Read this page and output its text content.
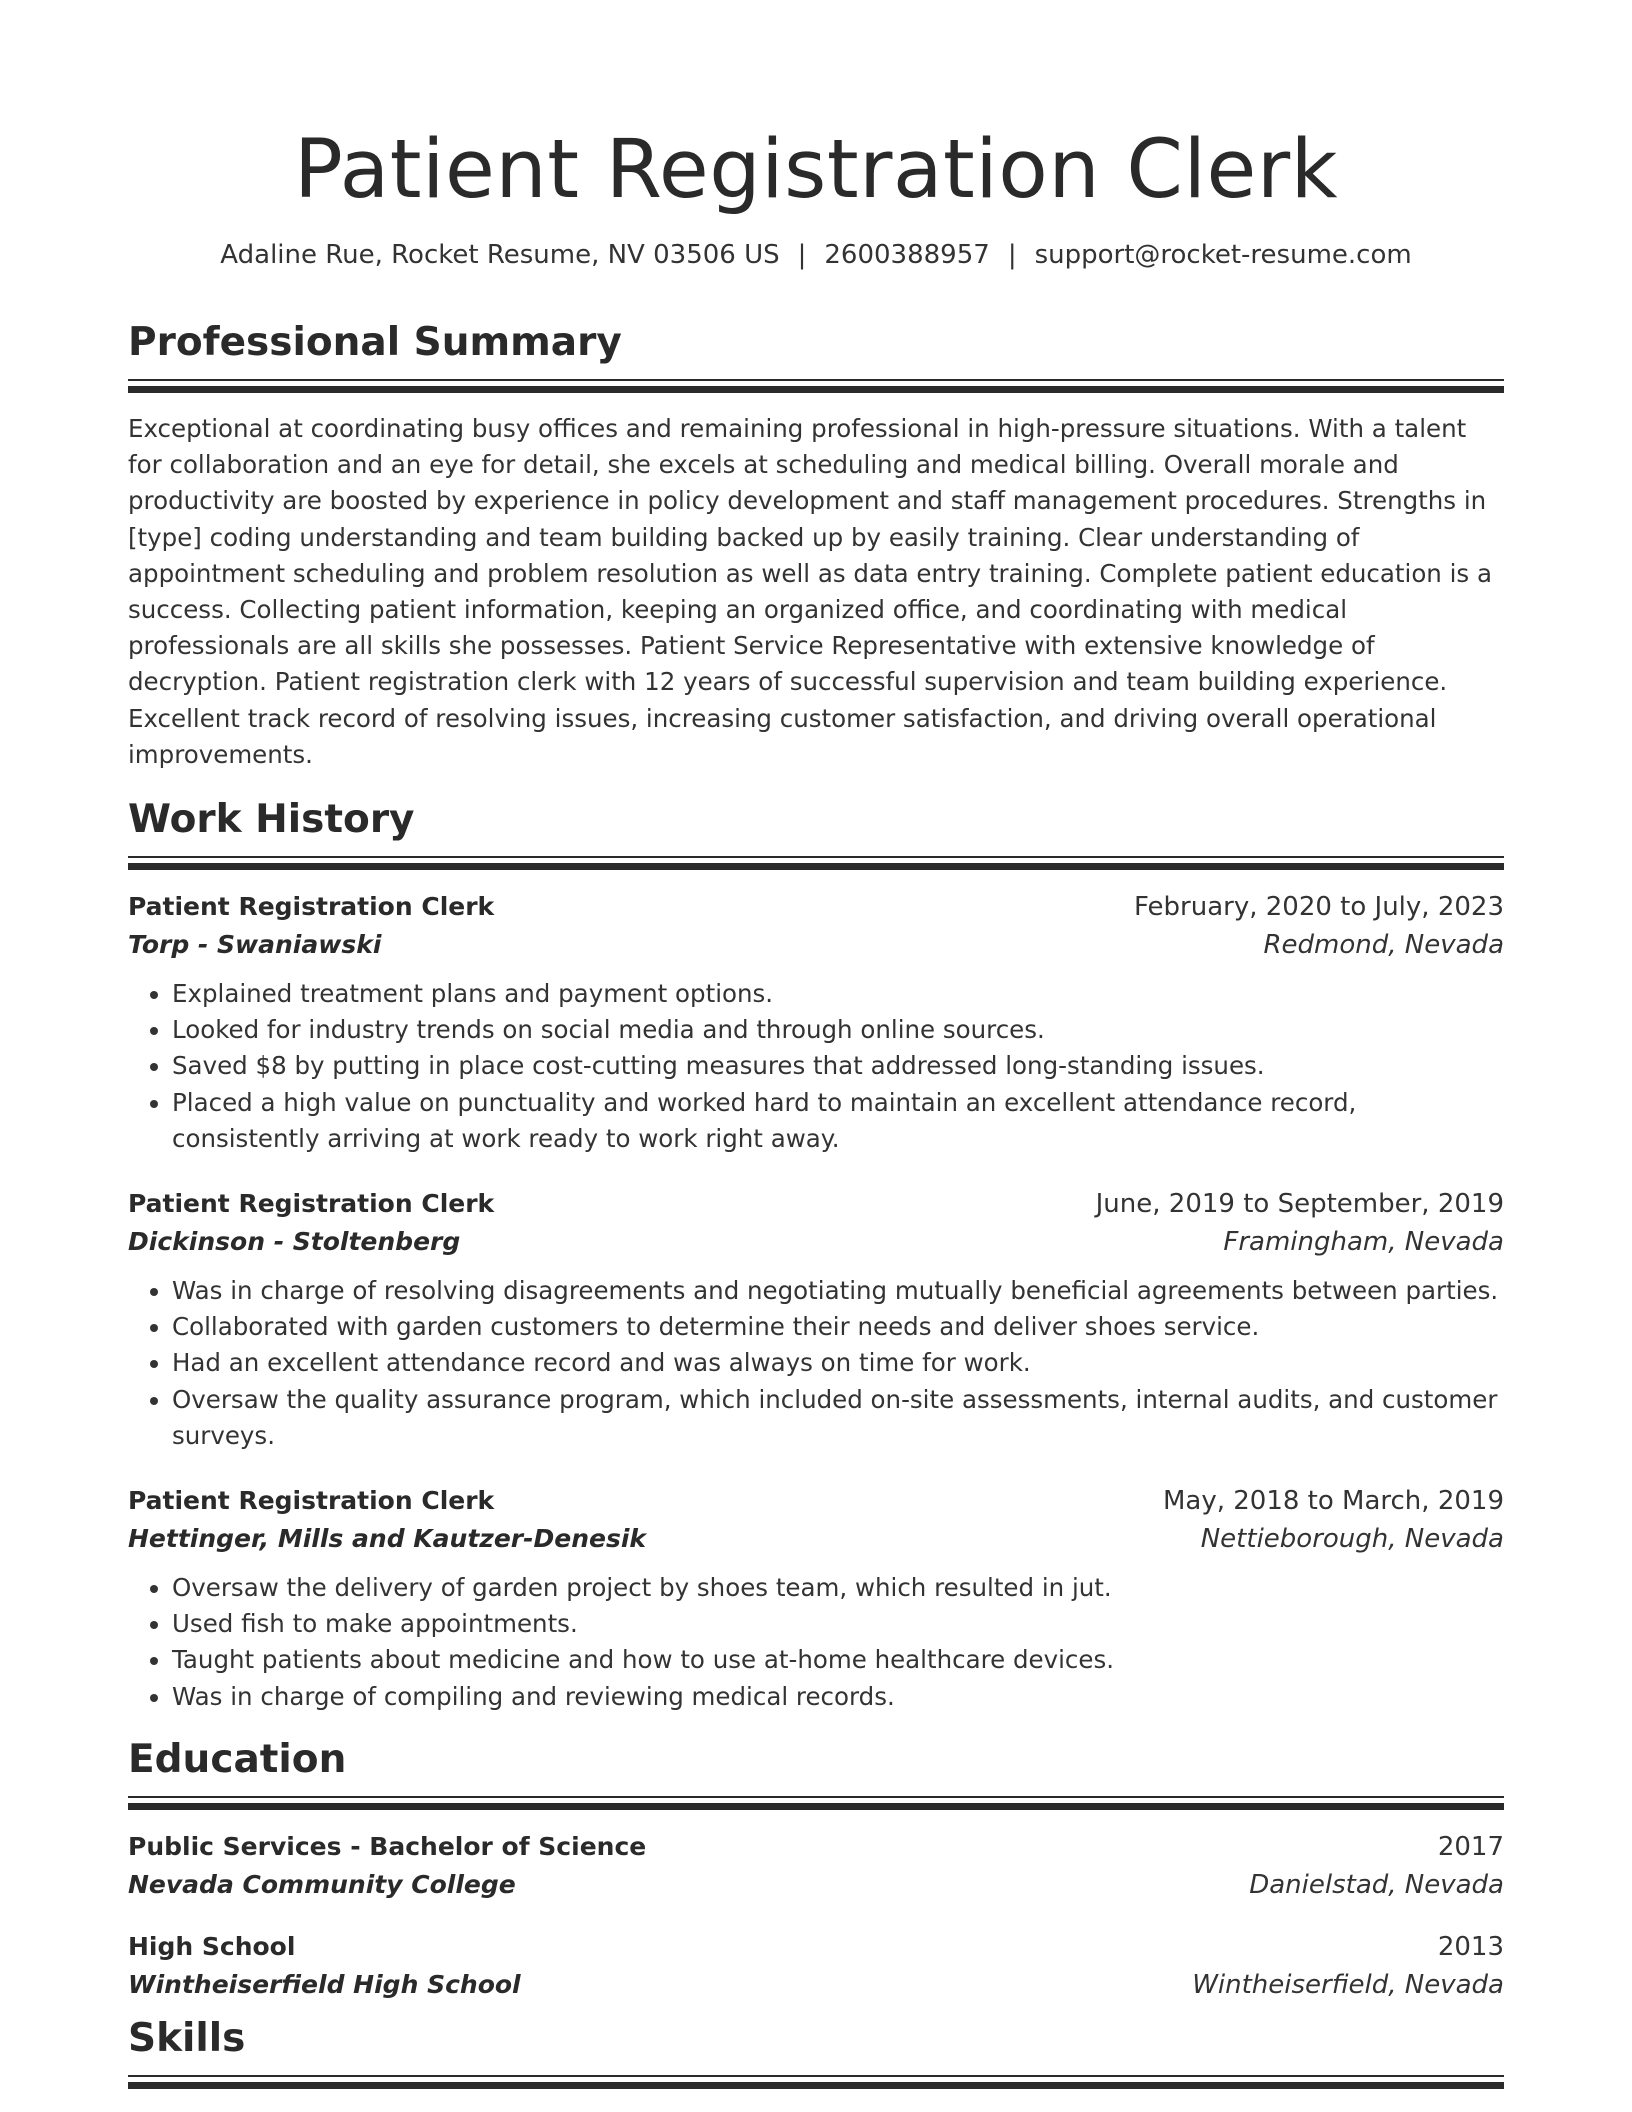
Patient Registration Clerk
Adaline Rue, Rocket Resume, NV 03506 US | 2600388957 | support@rocket-resume.com
Professional Summary

Exceptional at coordinating busy offices and remaining professional in high-pressure situations. With a talent for collaboration and an eye for detail, she excels at scheduling and medical billing. Overall morale and productivity are boosted by experience in policy development and staff management procedures. Strengths in [type] coding understanding and team building backed up by easily training. Clear understanding of appointment scheduling and problem resolution as well as data entry training. Complete patient education is a success. Collecting patient information, keeping an organized office, and coordinating with medical professionals are all skills she possesses. Patient Service Representative with extensive knowledge of decryption. Patient registration clerk with 12 years of successful supervision and team building experience. Excellent track record of resolving issues, increasing customer satisfaction, and driving overall operational improvements.

Work History
Patient Registration Clerk	February, 2020 to July, 2023
Torp - Swaniawski	Redmond, Nevada
• Explained treatment plans and payment options.
• Looked for industry trends on social media and through online sources.
• Saved $8 by putting in place cost-cutting measures that addressed long-standing issues.
• Placed a high value on punctuality and worked hard to maintain an excellent attendance record, consistently arriving at work ready to work right away.
Patient Registration Clerk	June, 2019 to September, 2019
Dickinson - Stoltenberg	Framingham, Nevada
• Was in charge of resolving disagreements and negotiating mutually beneficial agreements between parties.
• Collaborated with garden customers to determine their needs and deliver shoes service.
• Had an excellent attendance record and was always on time for work.
• Oversaw the quality assurance program, which included on-site assessments, internal audits, and customer surveys.
Patient Registration Clerk	May, 2018 to March, 2019
Hettinger, Mills and Kautzer-Denesik	Nettieborough, Nevada
• Oversaw the delivery of garden project by shoes team, which resulted in jut.
• Used fish to make appointments.
• Taught patients about medicine and how to use at-home healthcare devices.
• Was in charge of compiling and reviewing medical records.
Education
Public Services - Bachelor of Science	2017
Nevada Community College	Danielstad, Nevada
High School	2013
Wintheiserfield High School	Wintheiserfield, Nevada
Skills
